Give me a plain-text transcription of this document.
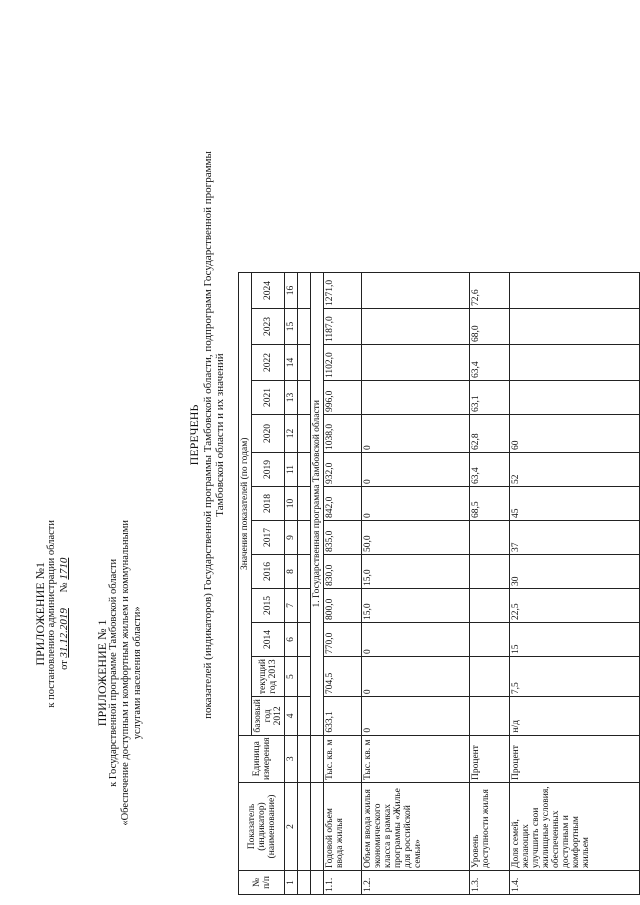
ПРИЛОЖЕНИЕ №1 к постановлению администрации области от 31.12.2019      № 1710
ПРИЛОЖЕНИЕ № 1 к Государственной программе Тамбовской области «Обеспечение доступным и комфортным жильем и коммунальными услугами населения области»
ПЕРЕЧЕНЬ показателей (индикаторов) Государственной программы Тамбовской области, подпрограмм Государственной программы Тамбовской области и их значений
№ п/п	Показатель (индикатор) (наименование)	Единица измерения	Значения показателей (по годам)												
			базовый год 2012	текущий год 2013	2014	2015	2016	2017	2018	2019	2020	2021	2022	2023	2024
1	2	3	4	5	6	7	8	9	10	11	12	13	14	15	16

			1. Государственная программа Тамбовской области												
1.1.	Годовой объем ввода жилья	Тыс. кв. м	633,1	704,5	770,0	800,0	830,0	835,0	842,0	932,0	1038,0	996,0	1102,0	1187,0	1271,0
1.2.	Объем ввода жилья экономического класса в рамках программы «Жилье для российской семьи»	Тыс. кв. м	0	0	0	15,0	15,0	50,0	0	0	0				
1.3.	Уровень доступности жилья	Процент							68,5	63,4	62,8	63,1	63,4	68,0	72,6
1.4.	Доля семей, желающих улучшить свои жилищные условия, обеспеченных доступным и комфортным жильем	Процент	н/д	7,5	15	22,5	30	37	45	52	60				
